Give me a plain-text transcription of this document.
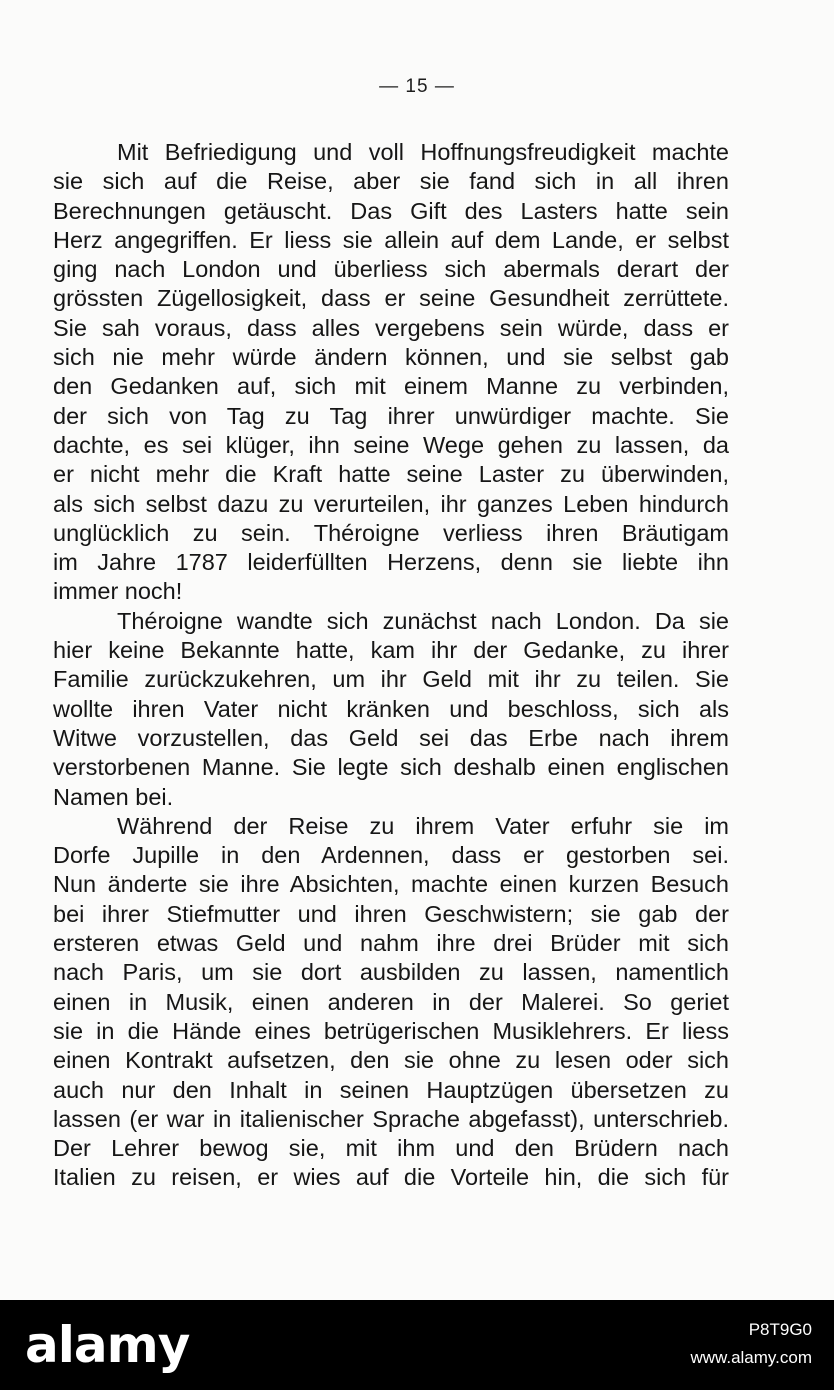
— 15 —
Mit Befriedigung und voll Hoffnungsfreudigkeit machte
sie sich auf die Reise, aber sie fand sich in all ihren
Berechnungen getäuscht. Das Gift des Lasters hatte sein
Herz angegriffen. Er liess sie allein auf dem Lande, er selbst
ging nach London und überliess sich abermals derart der
grössten Zügellosigkeit, dass er seine Gesundheit zerrüttete.
Sie sah voraus, dass alles vergebens sein würde, dass er
sich nie mehr würde ändern können, und sie selbst gab
den Gedanken auf, sich mit einem Manne zu verbinden,
der sich von Tag zu Tag ihrer unwürdiger machte. Sie
dachte, es sei klüger, ihn seine Wege gehen zu lassen, da
er nicht mehr die Kraft hatte seine Laster zu überwinden,
als sich selbst dazu zu verurteilen, ihr ganzes Leben hindurch
unglücklich zu sein. Théroigne verliess ihren Bräutigam
im Jahre 1787 leiderfüllten Herzens, denn sie liebte ihn
immer noch!
Théroigne wandte sich zunächst nach London. Da sie
hier keine Bekannte hatte, kam ihr der Gedanke, zu ihrer
Familie zurückzukehren, um ihr Geld mit ihr zu teilen. Sie
wollte ihren Vater nicht kränken und beschloss, sich als
Witwe vorzustellen, das Geld sei das Erbe nach ihrem
verstorbenen Manne. Sie legte sich deshalb einen englischen
Namen bei.
Während der Reise zu ihrem Vater erfuhr sie im
Dorfe Jupille in den Ardennen, dass er gestorben sei.
Nun änderte sie ihre Absichten, machte einen kurzen Besuch
bei ihrer Stiefmutter und ihren Geschwistern; sie gab der
ersteren etwas Geld und nahm ihre drei Brüder mit sich
nach Paris, um sie dort ausbilden zu lassen, namentlich
einen in Musik, einen anderen in der Malerei. So geriet
sie in die Hände eines betrügerischen Musiklehrers. Er liess
einen Kontrakt aufsetzen, den sie ohne zu lesen oder sich
auch nur den Inhalt in seinen Hauptzügen übersetzen zu
lassen (er war in italienischer Sprache abgefasst), unterschrieb.
Der Lehrer bewog sie, mit ihm und den Brüdern nach
Italien zu reisen, er wies auf die Vorteile hin, die sich für
alamy	P8T9G0
www.alamy.com
